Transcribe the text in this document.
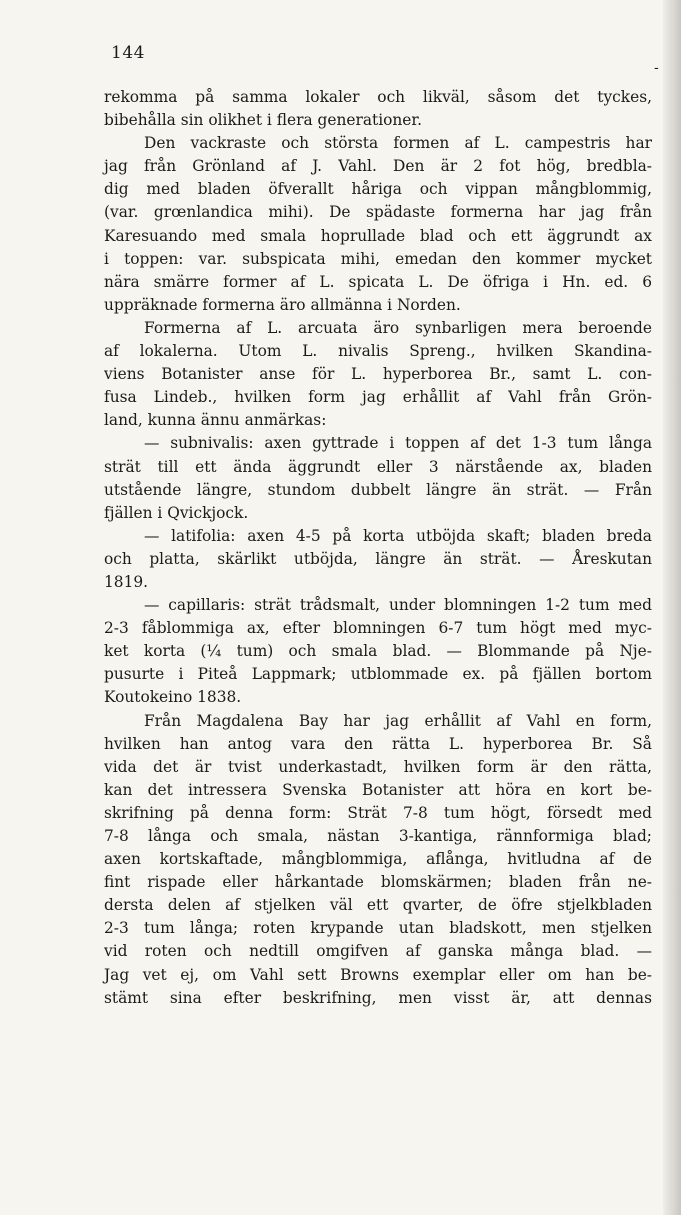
144
-
rekomma på samma lokaler och likväl, såsom det tyckes,
bibehålla sin olikhet i flera generationer.
Den vackraste och största formen af L. campestris har
jag från Grönland af J. Vahl. Den är 2 fot hög, bredbla-
dig med bladen öfverallt håriga och vippan mångblommig,
(var. grœnlandica mihi). De spädaste formerna har jag från
Karesuando med smala hoprullade blad och ett äggrundt ax
i toppen: var. subspicata mihi, emedan den kommer mycket
nära smärre former af L. spicata L. De öfriga i Hn. ed. 6
uppräknade formerna äro allmänna i Norden.
Formerna af L. arcuata äro synbarligen mera beroende
af lokalerna. Utom L. nivalis Spreng., hvilken Skandina-
viens Botanister anse för L. hyperborea Br., samt L. con-
fusa Lindeb., hvilken form jag erhållit af Vahl från Grön-
land, kunna ännu anmärkas:
— subnivalis: axen gyttrade i toppen af det 1-3 tum långa
strät till ett ända äggrundt eller 3 närstående ax, bladen
utstående längre, stundom dubbelt längre än strät. — Från
fjällen i Qvickjock.
— latifolia: axen 4-5 på korta utböjda skaft; bladen breda
och platta, skärlikt utböjda, längre än strät. — Åreskutan
1819.
— capillaris: strät trådsmalt, under blomningen 1-2 tum med
2-3 fåblommiga ax, efter blomningen 6-7 tum högt med myc-
ket korta (¼ tum) och smala blad. — Blommande på Nje-
pusurte i Piteå Lappmark; utblommade ex. på fjällen bortom
Koutokeino 1838.
Från Magdalena Bay har jag erhållit af Vahl en form,
hvilken han antog vara den rätta L. hyperborea Br. Så
vida det är tvist underkastadt, hvilken form är den rätta,
kan det intressera Svenska Botanister att höra en kort be-
skrifning på denna form: Strät 7-8 tum högt, försedt med
7-8 långa och smala, nästan 3-kantiga, rännformiga blad;
axen kortskaftade, mångblommiga, aflånga, hvitludna af de
fint rispade eller hårkantade blomskärmen; bladen från ne-
dersta delen af stjelken väl ett qvarter, de öfre stjelkbladen
2-3 tum långa; roten krypande utan bladskott, men stjelken
vid roten och nedtill omgifven af ganska många blad. —
Jag vet ej, om Vahl sett Browns exemplar eller om han be-
stämt sina efter beskrifning, men visst är, att dennas
